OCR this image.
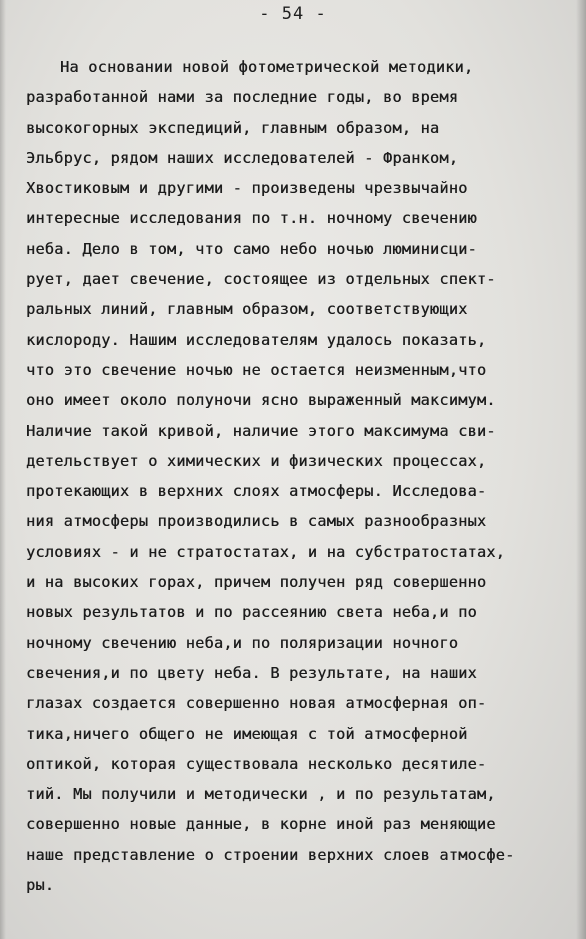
- 54 -
На основании новой фотометрической методики,
разработанной нами за последние годы, во время
высокогорных экспедиций, главным образом, на
Эльбрус, рядом наших исследователей - Франком,
Хвостиковым и другими - произведены чрезвычайно
интересные исследования по т.н. ночному свечению
неба. Дело в том, что само небо ночью люминисци-
рует, дает свечение, состоящее из отдельных спект-
ральных линий, главным образом, соответствующих
кислороду. Нашим исследователям удалось показать,
что это свечение ночью не остается неизменным,что
оно имеет около полуночи ясно выраженный максимум.
Наличие такой кривой, наличие этого максимума сви-
детельствует о химических и физических процессах,
протекающих в верхних слоях атмосферы. Исследова-
ния атмосферы производились в самых разнообразных
условиях - и не стратостатах, и на субстратостатах,
и на высоких горах, причем получен ряд совершенно
новых результатов и по рассеянию света неба,и по
ночному свечению неба,и по поляризации ночного
свечения,и по цвету неба. В результате, на наших
глазах создается совершенно новая атмосферная оп-
тика,ничего общего не имеющая с той атмосферной
оптикой, которая существовала несколько десятиле-
тий. Мы получили и методически , и по результатам,
совершенно новые данные, в корне иной раз меняющие
наше представление о строении верхних слоев атмосфе-
ры.
